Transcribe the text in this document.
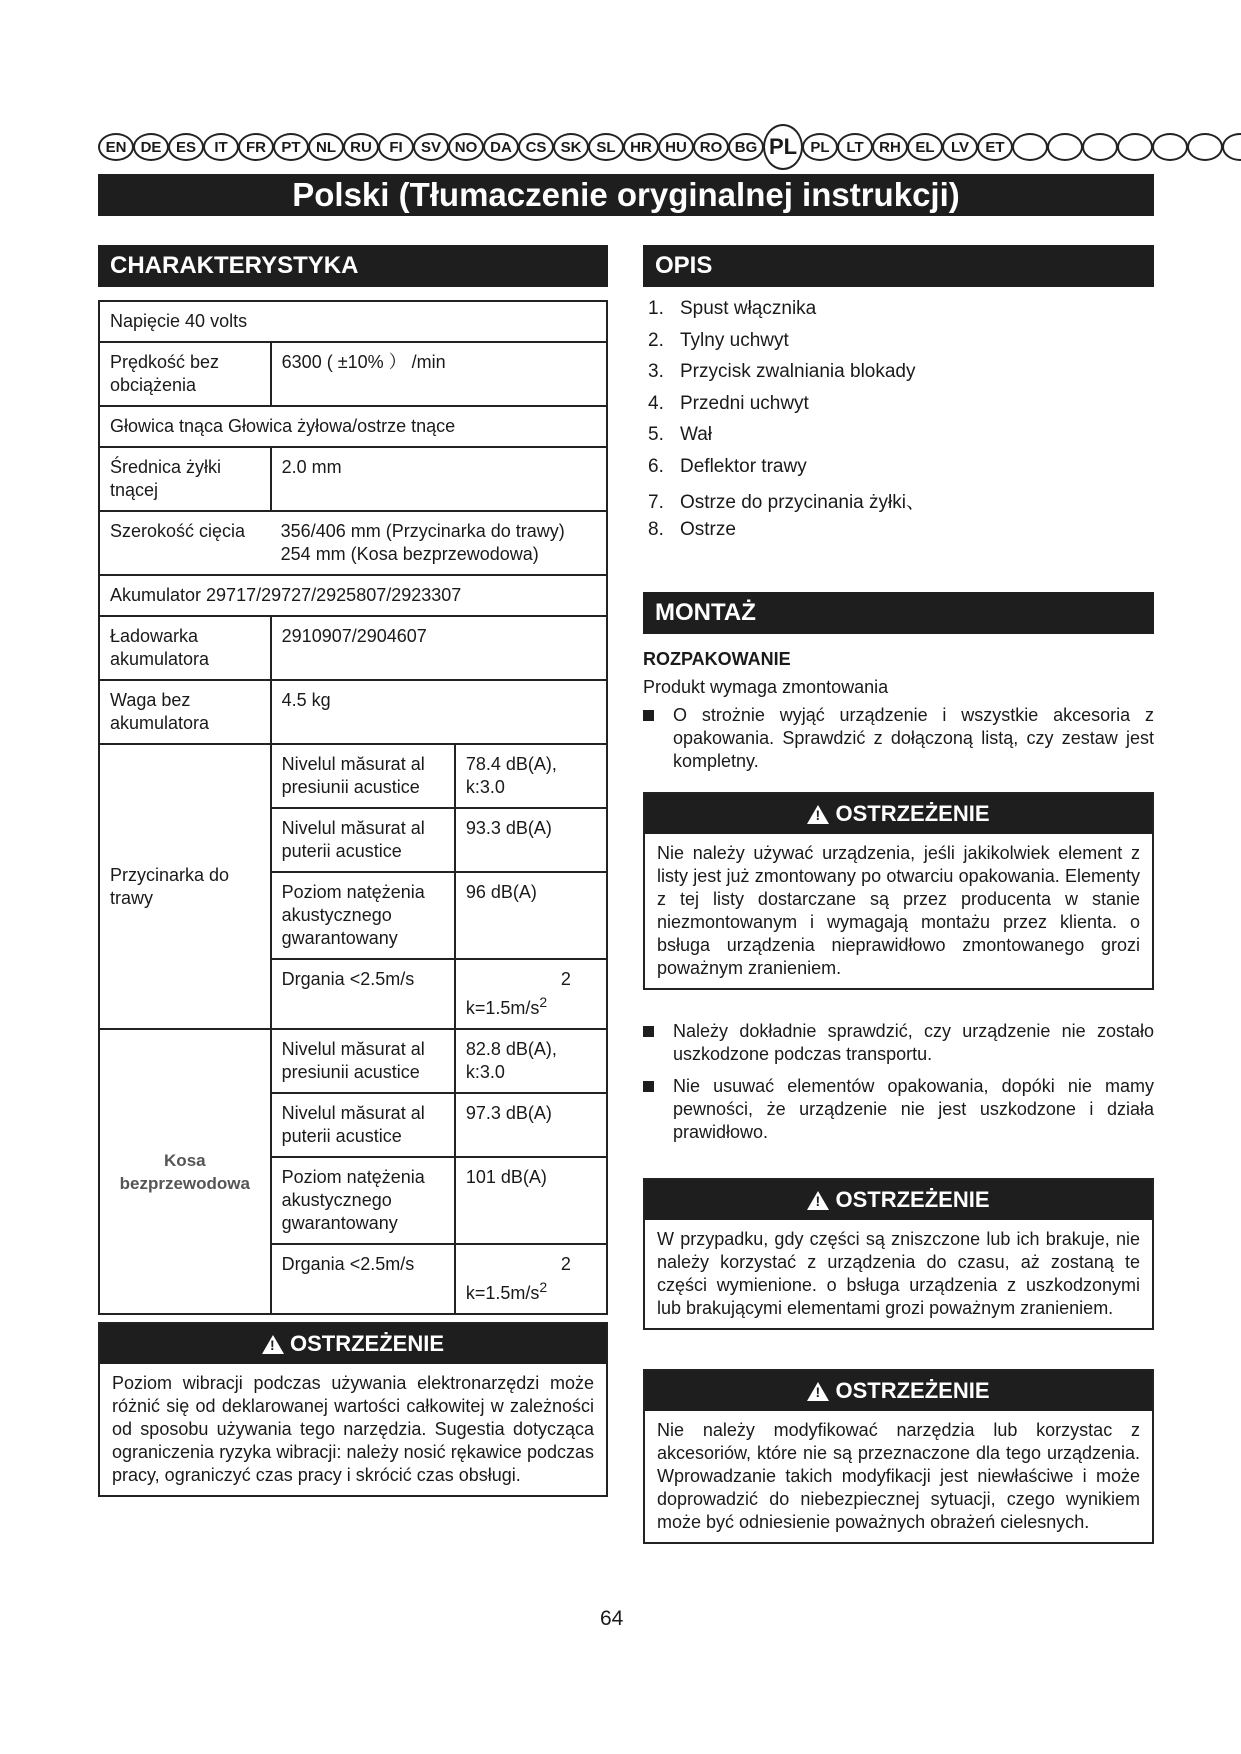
EN DE ES	IT	FR	PT	NL RU	FI	SV NO DA CS SK SL HR HU RO BG PL PL	LT	RH EL	LV	ET
Polski (Tłumaczenie oryginalnej instrukcji)
CHARAKTERYSTYKA
Napięcie 40 volts		
Prędkość bez obciążenia	6300 ( ±10% ） /min	
Głowica tnąca Głowica żyłowa/ostrze tnące		
Średnica żyłki tnącej	2.0 mm	
Szerokość cięcia	356/406 mm (Przycinarka do trawy)
254 mm (Kosa bezprzewodowa)	

Akumulator 29717/29727/2925807/2923307		
Ładowarka akumulatora	2910907/2904607	
Waga bez akumulatora	4.5 kg	
Przycinarka do trawy	Nivelul măsurat al presiunii acustice	78.4 dB(A), k:3.0
	Nivelul măsurat al puterii acustice	93.3 dB(A)
	Poziom natężenia akustycznego gwarantowany	96 dB(A)
	Drgania <2.5m/s	2
$k=1.5m/s^2$

Kosa bezprzewodowa	Nivelul măsurat al presiunii acustice	82.8 dB(A), k:3.0
	Nivelul măsurat al puterii acustice	97.3 dB(A)
	Poziom natężenia akustycznego gwarantowany	101 dB(A)
	Drgania <2.5m/s	2
$k=1.5m/s^2$
!
OSTRZEŻENIE
Poziom wibracji podczas używania elektronarzędzi może różnić się od deklarowanej wartości całkowitej w zależności od sposobu używania tego narzędzia. Sugestia dotycząca ograniczenia ryzyka wibracji: należy nosić rękawice podczas pracy, ograniczyć czas pracy i skrócić czas obsługi.
OPIS
1. Spust włącznika
2. Tylny uchwyt
3. Przycisk zwalniania blokady
4. Przedni uchwyt
5. Wał
6. Deflektor trawy
7. Ostrze do przycinania żyłki、
8. Ostrze
MONTAŻ
ROZPAKOWANIE
Produkt wymaga zmontowania
O strożnie wyjąć urządzenie i wszystkie akcesoria z opakowania. Sprawdzić z dołączoną listą, czy zestaw jest kompletny.
!
OSTRZEŻENIE
Nie należy używać urządzenia, jeśli jakikolwiek element z listy jest już zmontowany po otwarciu opakowania. Elementy z tej listy dostarczane są przez producenta w stanie niezmontowanym i wymagają montażu przez klienta. o bsługa urządzenia nieprawidłowo zmontowanego grozi poważnym zranieniem.
Należy dokładnie sprawdzić, czy urządzenie nie zostało uszkodzone podczas transportu.
Nie usuwać elementów opakowania, dopóki nie mamy pewności, że urządzenie nie jest uszkodzone i działa prawidłowo.
!
OSTRZEŻENIE
W przypadku, gdy części są zniszczone lub ich brakuje, nie należy korzystać z urządzenia do czasu, aż zostaną te części wymienione. o bsługa urządzenia z uszkodzonymi lub brakującymi elementami grozi poważnym zranieniem.
!
OSTRZEŻENIE
Nie należy modyfikować narzędzia lub korzystac z akcesoriów, które nie są przeznaczone dla tego urządzenia. Wprowadzanie takich modyfikacji jest niewłaściwe i może doprowadzić do niebezpiecznej sytuacji, czego wynikiem może być odniesienie poważnych obrażeń cielesnych.
64
